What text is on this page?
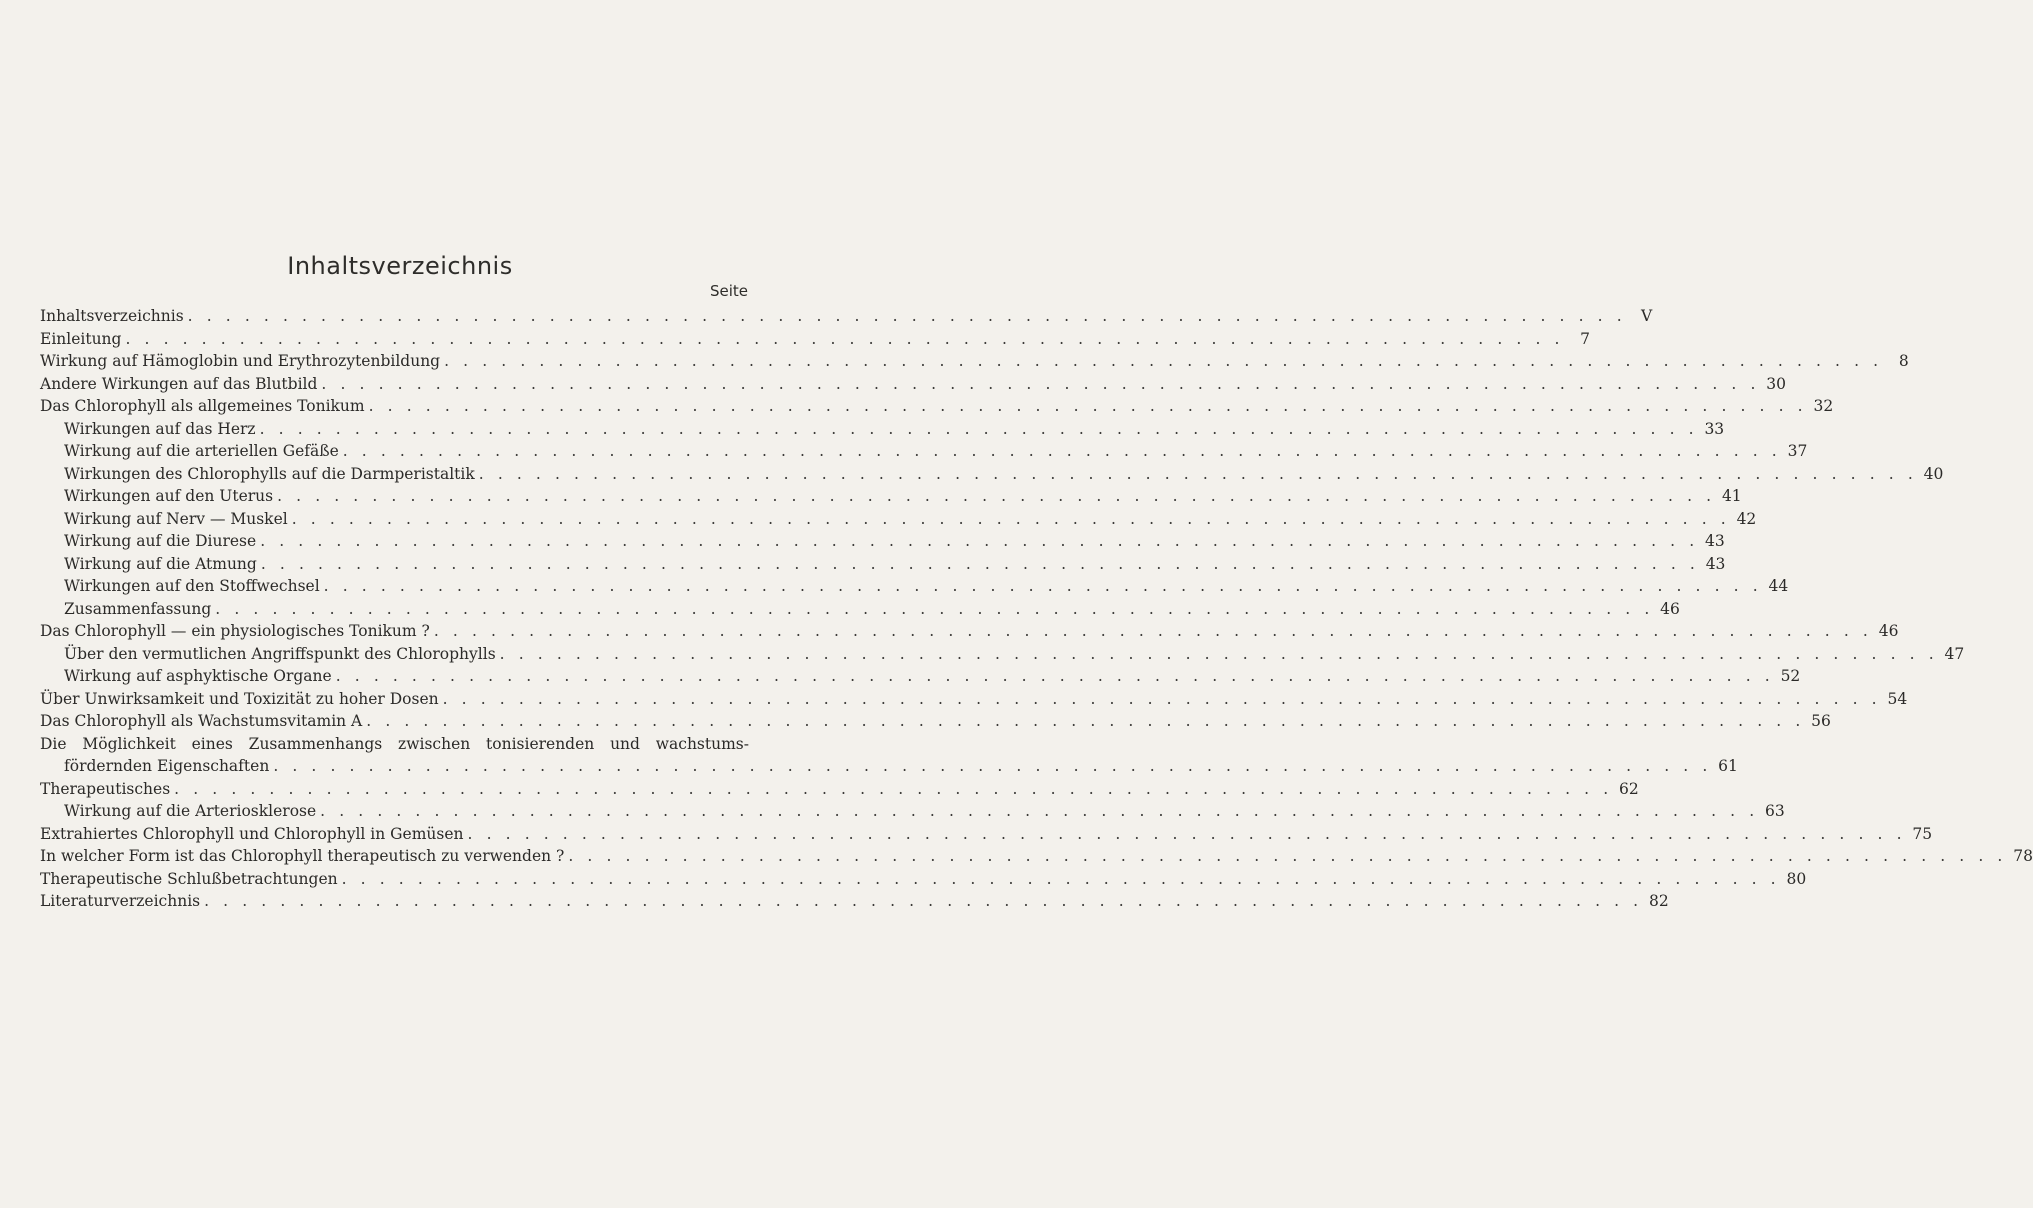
Inhaltsverzeichnis
Seite
Inhaltsverzeichnis . . . . . . . . . . . . . . . . . . . . . . . . . . . . . . . . . . . . . . . . . . . . . . . . . . . . . . . . . . . . . . . . . . . . . . . . . . . . V
Einleitung . . . . . . . . . . . . . . . . . . . . . . . . . . . . . . . . . . . . . . . . . . . . . . . . . . . . . . . . . . . . . . . . . . . . . . . . . . . .	7
Wirkung auf Hämoglobin und Erythrozytenbildung . . . . . . . . . . . . . . . . . . . . . . . . . . . . . . . . . . . . . . . . . . . . . . . . . . . . . . . . . . . . . . . . . . . . . . . . . . . .	8
Andere Wirkungen auf das Blutbild . . . . . . . . . . . . . . . . . . . . . . . . . . . . . . . . . . . . . . . . . . . . . . . . . . . . . . . . . . . . . . . . . . . . . . . . . . . . 30
Das Chlorophyll als allgemeines Tonikum . . . . . . . . . . . . . . . . . . . . . . . . . . . . . . . . . . . . . . . . . . . . . . . . . . . . . . . . . . . . . . . . . . . . . . . . . . . . 32
Wirkungen auf das Herz . . . . . . . . . . . . . . . . . . . . . . . . . . . . . . . . . . . . . . . . . . . . . . . . . . . . . . . . . . . . . . . . . . . . . . . . . . . . 33
Wirkung auf die arteriellen Gefäße . . . . . . . . . . . . . . . . . . . . . . . . . . . . . . . . . . . . . . . . . . . . . . . . . . . . . . . . . . . . . . . . . . . . . . . . . . . . 37
Wirkungen des Chlorophylls auf die Darmperistaltik . . . . . . . . . . . . . . . . . . . . . . . . . . . . . . . . . . . . . . . . . . . . . . . . . . . . . . . . . . . . . . . . . . . . . . . . . . . . 40
Wirkungen auf den Uterus . . . . . . . . . . . . . . . . . . . . . . . . . . . . . . . . . . . . . . . . . . . . . . . . . . . . . . . . . . . . . . . . . . . . . . . . . . . . 41
Wirkung auf Nerv — Muskel . . . . . . . . . . . . . . . . . . . . . . . . . . . . . . . . . . . . . . . . . . . . . . . . . . . . . . . . . . . . . . . . . . . . . . . . . . . . 42
Wirkung auf die Diurese . . . . . . . . . . . . . . . . . . . . . . . . . . . . . . . . . . . . . . . . . . . . . . . . . . . . . . . . . . . . . . . . . . . . . . . . . . . . 43
Wirkung auf die Atmung . . . . . . . . . . . . . . . . . . . . . . . . . . . . . . . . . . . . . . . . . . . . . . . . . . . . . . . . . . . . . . . . . . . . . . . . . . . . 43
Wirkungen auf den Stoffwechsel . . . . . . . . . . . . . . . . . . . . . . . . . . . . . . . . . . . . . . . . . . . . . . . . . . . . . . . . . . . . . . . . . . . . . . . . . . . . 44
Zusammenfassung . . . . . . . . . . . . . . . . . . . . . . . . . . . . . . . . . . . . . . . . . . . . . . . . . . . . . . . . . . . . . . . . . . . . . . . . . . . . 46
Das Chlorophyll — ein physiologisches Tonikum ? . . . . . . . . . . . . . . . . . . . . . . . . . . . . . . . . . . . . . . . . . . . . . . . . . . . . . . . . . . . . . . . . . . . . . . . . . . . . 46
Über den vermutlichen Angriffspunkt des Chlorophylls . . . . . . . . . . . . . . . . . . . . . . . . . . . . . . . . . . . . . . . . . . . . . . . . . . . . . . . . . . . . . . . . . . . . . . . . . . . . 47
Wirkung auf asphyktische Organe . . . . . . . . . . . . . . . . . . . . . . . . . . . . . . . . . . . . . . . . . . . . . . . . . . . . . . . . . . . . . . . . . . . . . . . . . . . . 52
Über Unwirksamkeit und Toxizität zu hoher Dosen . . . . . . . . . . . . . . . . . . . . . . . . . . . . . . . . . . . . . . . . . . . . . . . . . . . . . . . . . . . . . . . . . . . . . . . . . . . . 54
Das Chlorophyll als Wachstumsvitamin A . . . . . . . . . . . . . . . . . . . . . . . . . . . . . . . . . . . . . . . . . . . . . . . . . . . . . . . . . . . . . . . . . . . . . . . . . . . . 56
Die Möglichkeit eines Zusammenhangs zwischen tonisierenden und wachstums-
fördernden Eigenschaften . . . . . . . . . . . . . . . . . . . . . . . . . . . . . . . . . . . . . . . . . . . . . . . . . . . . . . . . . . . . . . . . . . . . . . . . . . . . 61
Therapeutisches . . . . . . . . . . . . . . . . . . . . . . . . . . . . . . . . . . . . . . . . . . . . . . . . . . . . . . . . . . . . . . . . . . . . . . . . . . . . 62
Wirkung auf die Arteriosklerose . . . . . . . . . . . . . . . . . . . . . . . . . . . . . . . . . . . . . . . . . . . . . . . . . . . . . . . . . . . . . . . . . . . . . . . . . . . . 63
Extrahiertes Chlorophyll und Chlorophyll in Gemüsen . . . . . . . . . . . . . . . . . . . . . . . . . . . . . . . . . . . . . . . . . . . . . . . . . . . . . . . . . . . . . . . . . . . . . . . . . . . . 75
In welcher Form ist das Chlorophyll therapeutisch zu verwenden ? . . . . . . . . . . . . . . . . . . . . . . . . . . . . . . . . . . . . . . . . . . . . . . . . . . . . . . . . . . . . . . . . . . . . . . . . . . . . 78
Therapeutische Schlußbetrachtungen . . . . . . . . . . . . . . . . . . . . . . . . . . . . . . . . . . . . . . . . . . . . . . . . . . . . . . . . . . . . . . . . . . . . . . . . . . . . 80
Literaturverzeichnis . . . . . . . . . . . . . . . . . . . . . . . . . . . . . . . . . . . . . . . . . . . . . . . . . . . . . . . . . . . . . . . . . . . . . . . . . . . . 82
